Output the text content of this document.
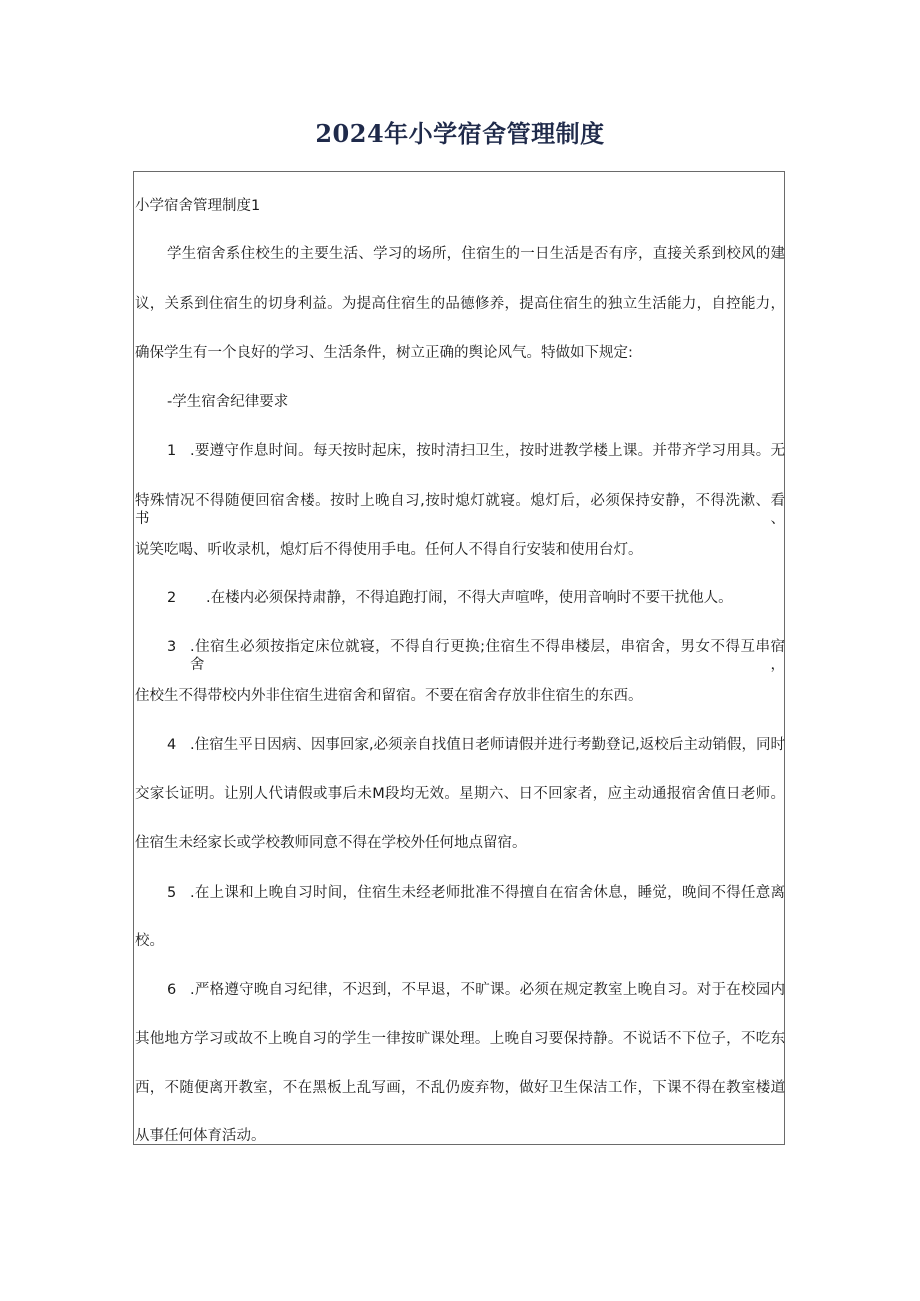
2024年小学宿舍管理制度
小学宿舍管理制度1
学生宿舍系住校生的主要生活、学习的场所，住宿生的一日生活是否有序，直接关系到校风的建
议，关系到住宿生的切身利益。为提高住宿生的品德修养，提高住宿生的独立生活能力，自控能力，
确保学生有一个良好的学习、生活条件，树立正确的舆论风气。特做如下规定:
-学生宿舍纪律要求
1 .要遵守作息时间。每天按时起床，按时清扫卫生，按时进教学楼上课。并带齐学习用具。无
特殊情况不得随便回宿舍楼。按时上晚自习,按时熄灯就寝。熄灯后，必须保持安静，不得洗漱、看书、
说笑吃喝、听收录机，熄灯后不得使用手电。任何人不得自行安装和使用台灯。
2 .在楼内必须保持肃静，不得追跑打闹，不得大声喧哗，使用音响时不要干扰他人。
3 .住宿生必须按指定床位就寝，不得自行更换;住宿生不得串楼层，串宿舍，男女不得互串宿舍，
住校生不得带校内外非住宿生进宿舍和留宿。不要在宿舍存放非住宿生的东西。
4 .住宿生平日因病、因事回家,必须亲自找值日老师请假并进行考勤登记,返校后主动销假，同时
交家长证明。让别人代请假或事后未M段均无效。星期六、日不回家者，应主动通报宿舍值日老师。
住宿生未经家长或学校教师同意不得在学校外任何地点留宿。
5 .在上课和上晚自习时间，住宿生未经老师批准不得擅自在宿舍休息，睡觉，晚间不得任意离
校。
6 .严格遵守晚自习纪律，不迟到，不早退，不旷课。必须在规定教室上晚自习。对于在校园内
其他地方学习或故不上晚自习的学生一律按旷课处理。上晚自习要保持静。不说话不下位子，不吃东
西，不随便离开教室，不在黑板上乱写画，不乱仍废弃物，做好卫生保洁工作，下课不得在教室楼道
从事任何体育活动。
